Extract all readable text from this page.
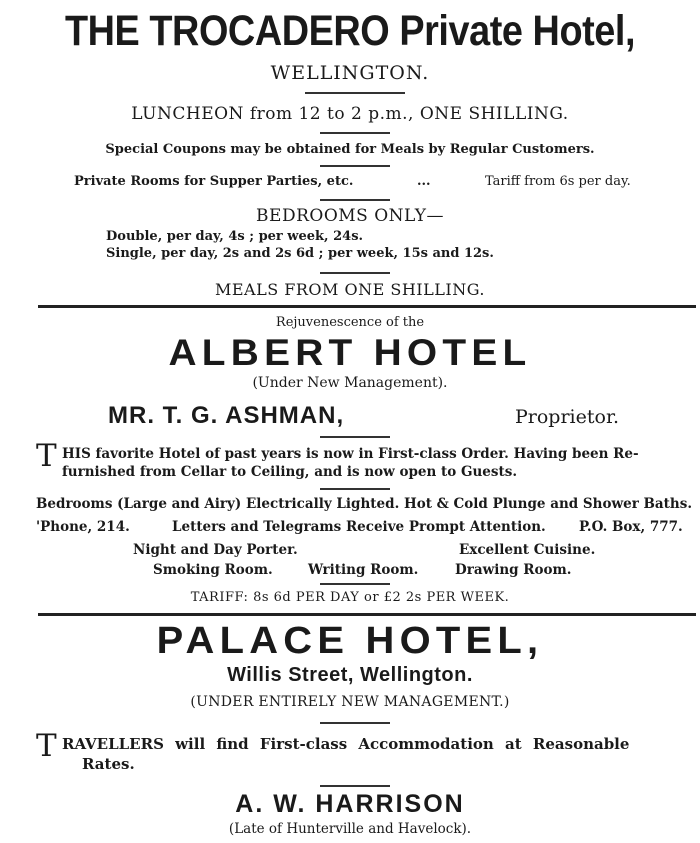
THE TROCADERO Private Hotel,
WELLINGTON.
LUNCHEON from 12 to 2 p.m., ONE SHILLING.
Special Coupons may be obtained for Meals by Regular Customers.
Private Rooms for Supper Parties, etc.	...	Tariff from 6s per day.
BEDROOMS ONLY—
Double, per day, 4s ; per week, 24s.
Single, per day, 2s and 2s 6d ; per week, 15s and 12s.
MEALS FROM ONE SHILLING.
Rejuvenescence of the
ALBERT HOTEL
(Under New Management).
MR. T. G. ASHMAN,	Proprietor.
T HIS favorite Hotel of past years is now in First-class Order. Having been Re-
furnished from Cellar to Ceiling, and is now open to Guests.
Bedrooms (Large and Airy) Electrically Lighted. Hot & Cold Plunge and Shower Baths.
'Phone, 214.	Letters and Telegrams Receive Prompt Attention. P.O. Box, 777.
Night and Day Porter.	Excellent Cuisine.
Smoking Room.	Writing Room.	Drawing Room.
TARIFF: 8s 6d PER DAY or £2 2s PER WEEK.
PALACE HOTEL,
Willis Street, Wellington.
(UNDER ENTIRELY NEW MANAGEMENT.)
T RAVELLERS will find First-class Accommodation at Reasonable
Rates.
A. W. HARRISON
(Late of Hunterville and Havelock).
